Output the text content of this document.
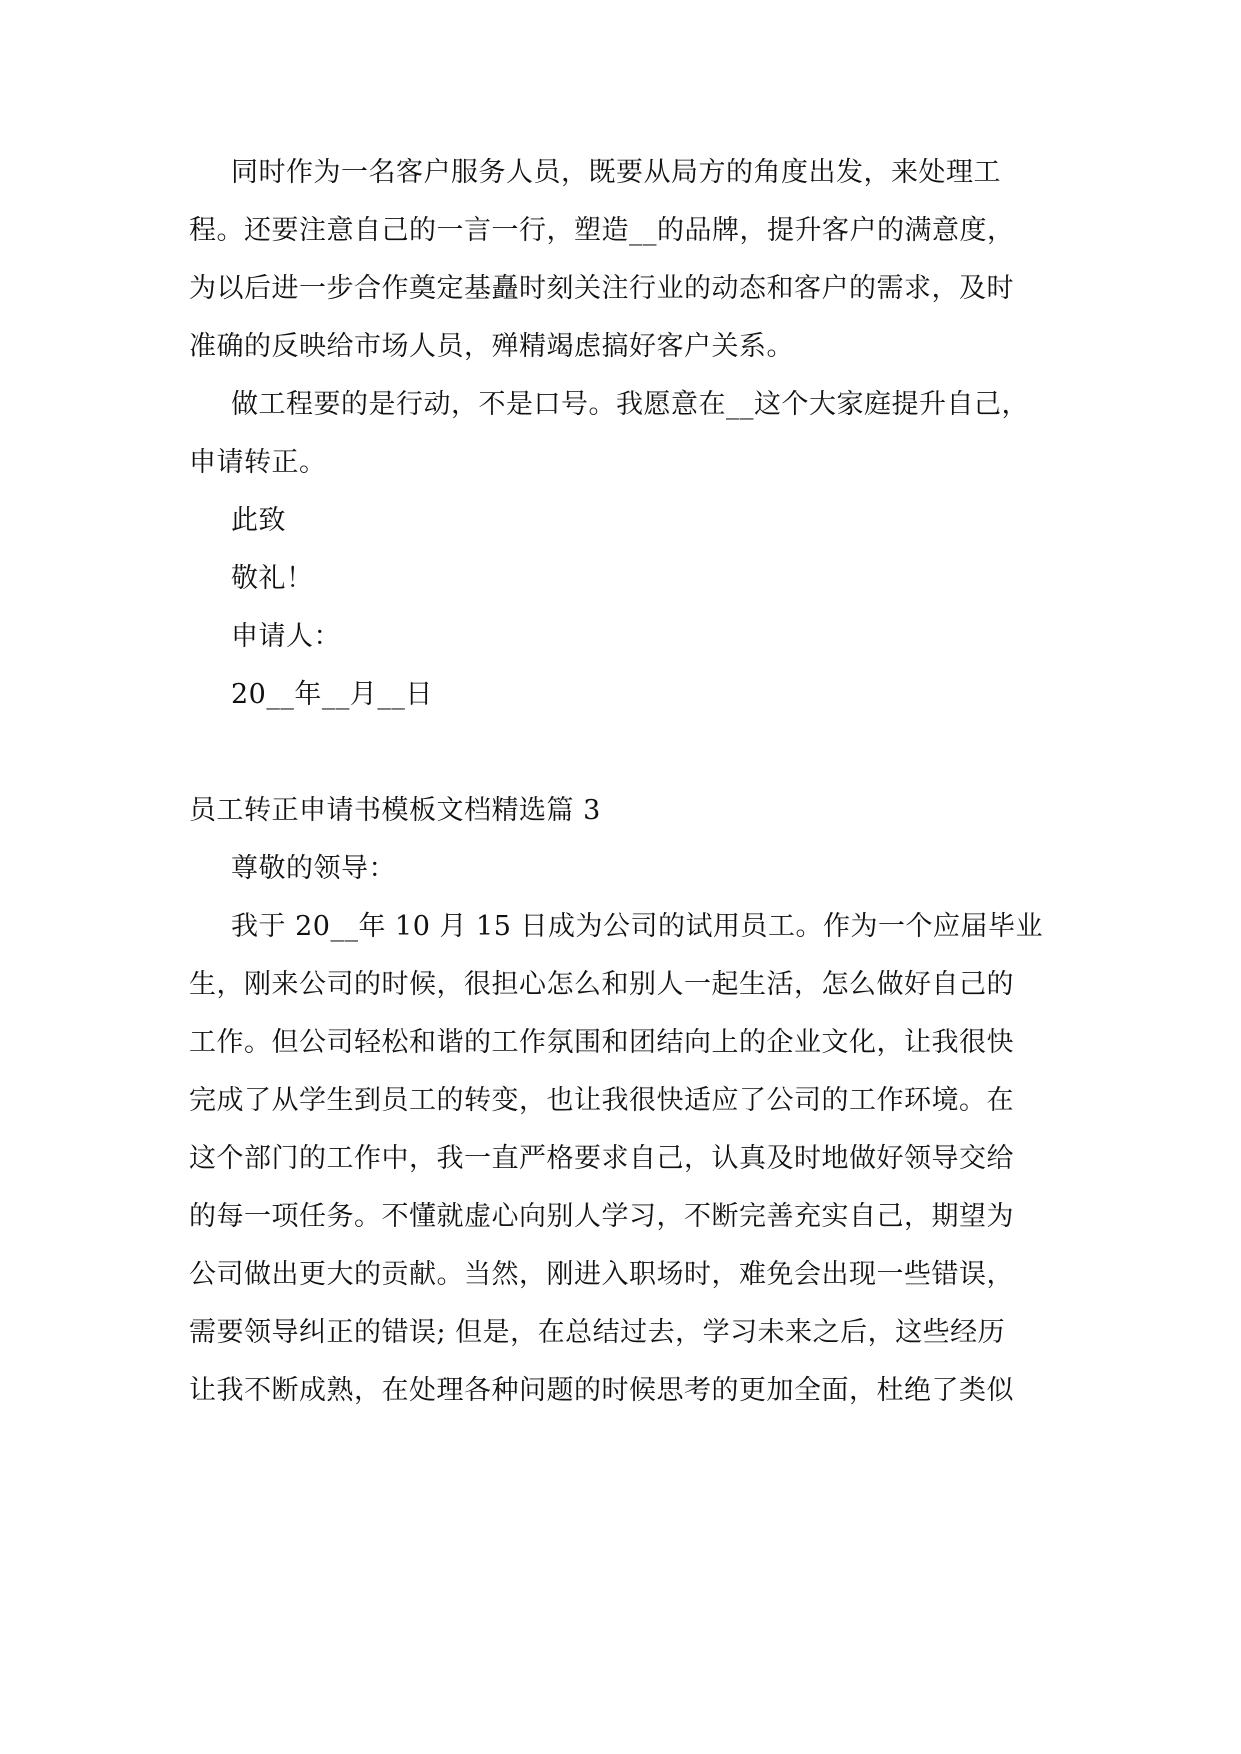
同时作为一名客户服务人员，既要从局方的角度出发，来处理工
程。还要注意自己的一言一行，塑造__的品牌，提升客户的满意度，
为以后进一步合作奠定基矗时刻关注行业的动态和客户的需求，及时
准确的反映给市场人员，殚精竭虑搞好客户关系。
做工程要的是行动，不是口号。我愿意在__这个大家庭提升自己，
申请转正。
此致
敬礼！
申请人：
20__年__月__日
员工转正申请书模板文档精选篇 3
尊敬的领导：
我于 20__年 10 月 15 日成为公司的试用员工。作为一个应届毕业
生，刚来公司的时候，很担心怎么和别人一起生活，怎么做好自己的
工作。但公司轻松和谐的工作氛围和团结向上的企业文化，让我很快
完成了从学生到员工的转变，也让我很快适应了公司的工作环境。在
这个部门的工作中，我一直严格要求自己，认真及时地做好领导交给
的每一项任务。不懂就虚心向别人学习，不断完善充实自己，期望为
公司做出更大的贡献。当然，刚进入职场时，难免会出现一些错误，
需要领导纠正的错误; 但是，在总结过去，学习未来之后，这些经历
让我不断成熟，在处理各种问题的时候思考的更加全面，杜绝了类似
